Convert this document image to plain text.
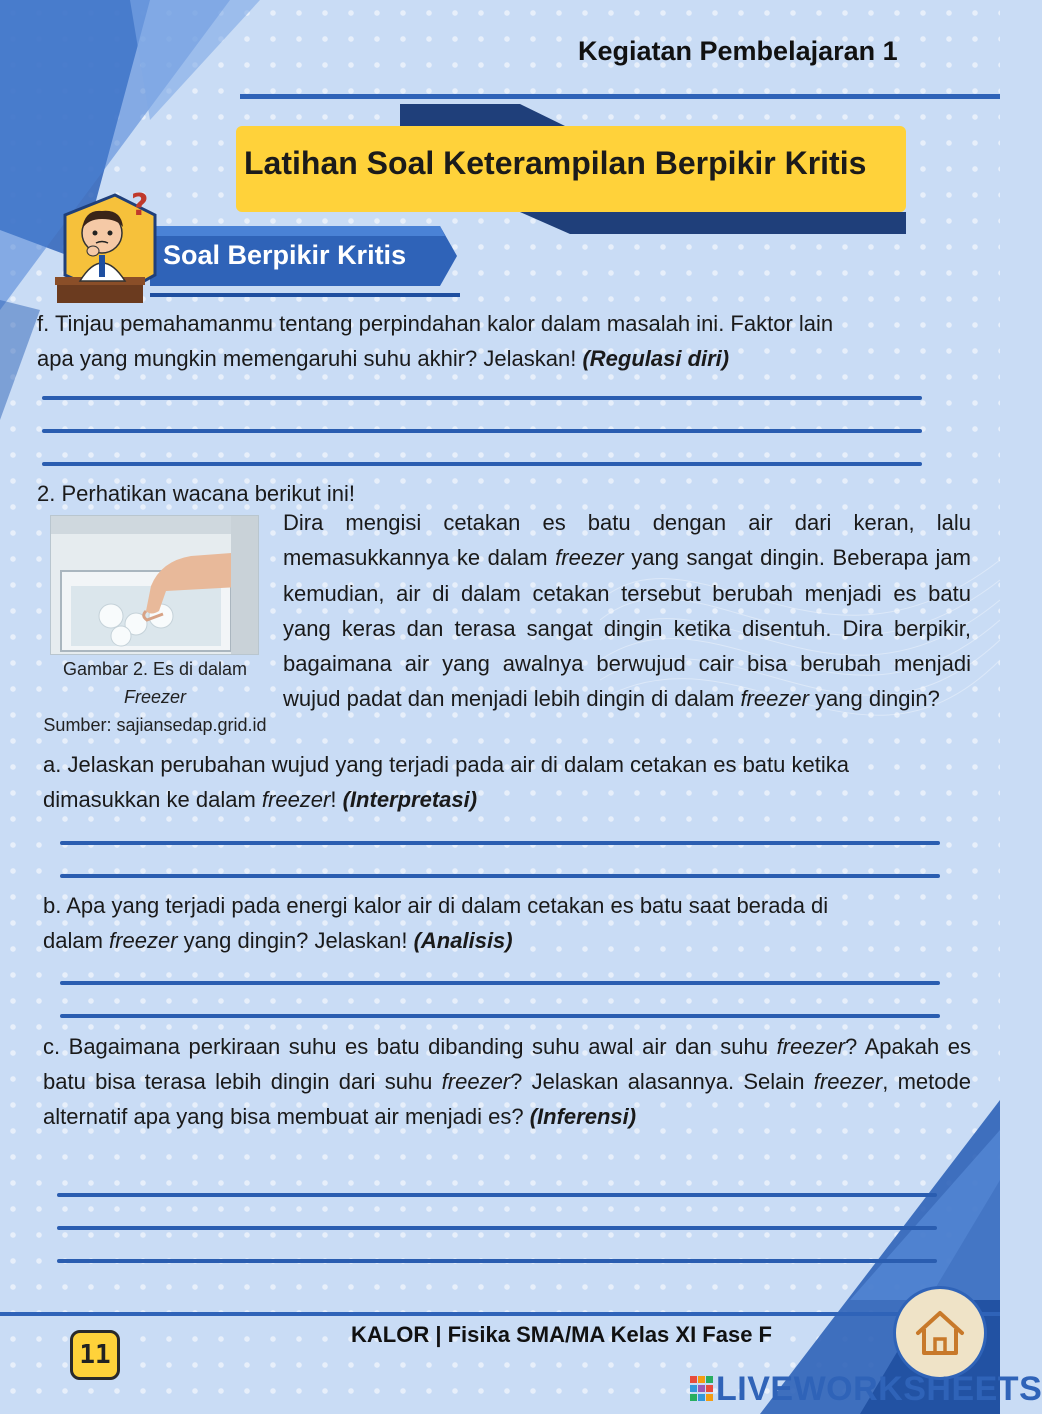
Kegiatan Pembelajaran 1
Latihan Soal Keterampilan Berpikir Kritis
Soal Berpikir Kritis
?
f. Tinjau pemahamanmu tentang perpindahan kalor dalam masalah ini. Faktor lain
apa yang mungkin memengaruhi suhu akhir? Jelaskan! (Regulasi diri)
2. Perhatikan wacana berikut ini!
Gambar 2. Es di dalam
Freezer
Sumber: sajiansedap.grid.id
Dira mengisi cetakan es batu dengan air dari keran, lalu memasukkannya ke dalam freezer yang sangat dingin. Beberapa jam kemudian, air di dalam cetakan tersebut berubah menjadi es batu yang keras dan terasa sangat dingin ketika disentuh. Dira berpikir, bagaimana air yang awalnya berwujud cair bisa berubah menjadi wujud padat dan menjadi lebih dingin di dalam freezer yang dingin?
a. Jelaskan perubahan wujud yang terjadi pada air di dalam cetakan es batu ketika
dimasukkan ke dalam freezer! (Interpretasi)
b. Apa yang terjadi pada energi kalor air di dalam cetakan es batu saat berada di
dalam freezer yang dingin? Jelaskan! (Analisis)
c. Bagaimana perkiraan suhu es batu dibanding suhu awal air dan suhu freezer? Apakah es batu bisa terasa lebih dingin dari suhu freezer? Jelaskan alasannya. Selain freezer, metode alternatif apa yang bisa membuat air menjadi es? (Inferensi)
11
KALOR | Fisika SMA/MA Kelas XI Fase F
LIVEWORKSHEETS
